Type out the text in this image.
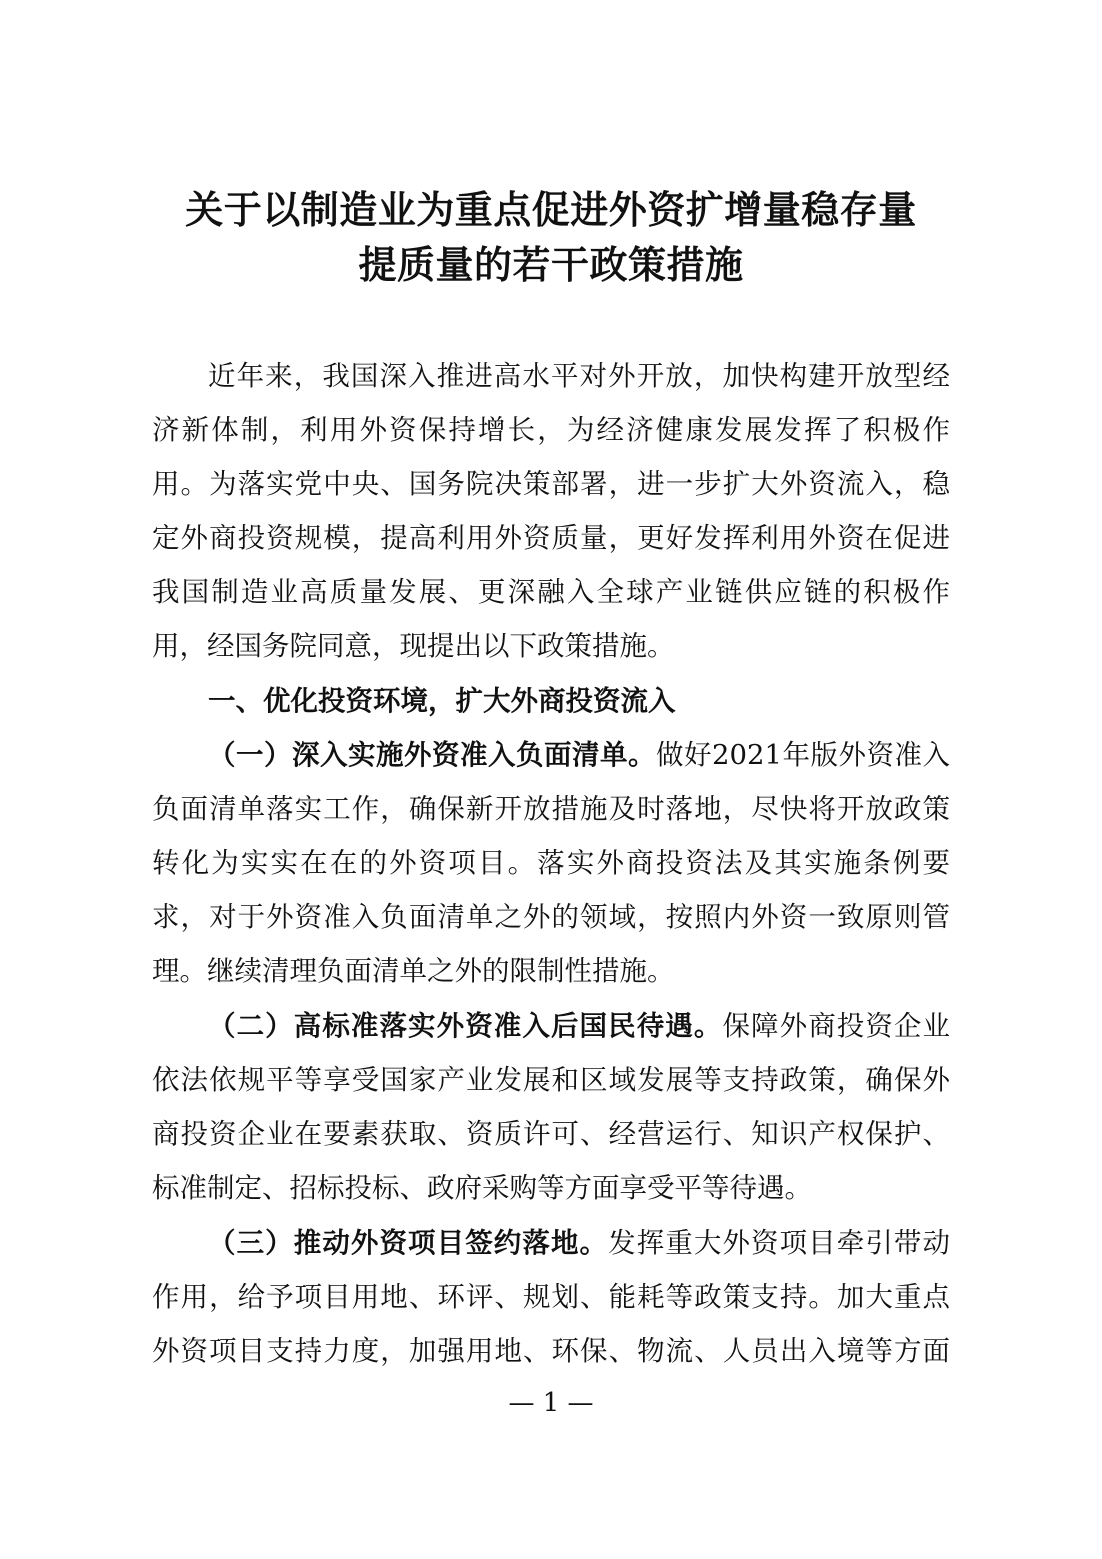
关于以制造业为重点促进外资扩增量稳存量
提质量的若干政策措施
近年来，我国深入推进高水平对外开放，加快构建开放型经
济新体制，利用外资保持增长，为经济健康发展发挥了积极作
用。为落实党中央、国务院决策部署，进一步扩大外资流入，稳
定外商投资规模，提高利用外资质量，更好发挥利用外资在促进
我国制造业高质量发展、更深融入全球产业链供应链的积极作
用，经国务院同意，现提出以下政策措施。
一、优化投资环境，扩大外商投资流入
（一）深入实施外资准入负面清单。做好2021年版外资准入
负面清单落实工作，确保新开放措施及时落地，尽快将开放政策
转化为实实在在的外资项目。落实外商投资法及其实施条例要
求，对于外资准入负面清单之外的领域，按照内外资一致原则管
理。继续清理负面清单之外的限制性措施。
（二）高标准落实外资准入后国民待遇。保障外商投资企业
依法依规平等享受国家产业发展和区域发展等支持政策，确保外
商投资企业在要素获取、资质许可、经营运行、知识产权保护、
标准制定、招标投标、政府采购等方面享受平等待遇。
（三）推动外资项目签约落地。发挥重大外资项目牵引带动
作用，给予项目用地、环评、规划、能耗等政策支持。加大重点
外资项目支持力度，加强用地、环保、物流、人员出入境等方面
— 1 —
